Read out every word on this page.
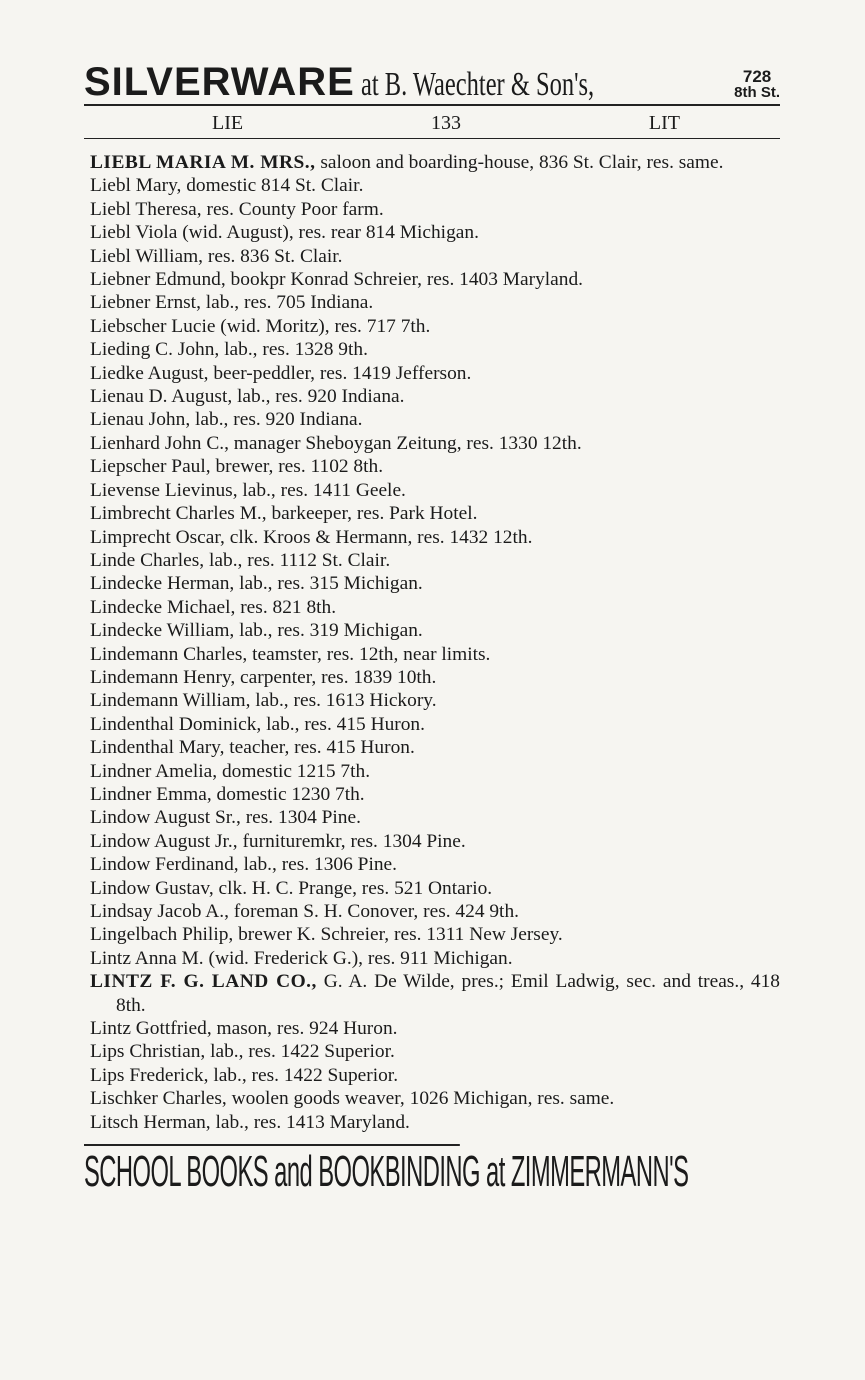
SILVERWARE at B. Waechter & Son's,	728
8th St.
LIE	133	LIT
LIEBL MARIA M. MRS., saloon and boarding-house, 836 St. Clair, res. same.
Liebl Mary, domestic 814 St. Clair.
Liebl Theresa, res. County Poor farm.
Liebl Viola (wid. August), res. rear 814 Michigan.
Liebl William, res. 836 St. Clair.
Liebner Edmund, bookpr Konrad Schreier, res. 1403 Maryland.
Liebner Ernst, lab., res. 705 Indiana.
Liebscher Lucie (wid. Moritz), res. 717 7th.
Lieding C. John, lab., res. 1328 9th.
Liedke August, beer-peddler, res. 1419 Jefferson.
Lienau D. August, lab., res. 920 Indiana.
Lienau John, lab., res. 920 Indiana.
Lienhard John C., manager Sheboygan Zeitung, res. 1330 12th.
Liepscher Paul, brewer, res. 1102 8th.
Lievense Lievinus, lab., res. 1411 Geele.
Limbrecht Charles M., barkeeper, res. Park Hotel.
Limprecht Oscar, clk. Kroos & Hermann, res. 1432 12th.
Linde Charles, lab., res. 1112 St. Clair.
Lindecke Herman, lab., res. 315 Michigan.
Lindecke Michael, res. 821 8th.
Lindecke William, lab., res. 319 Michigan.
Lindemann Charles, teamster, res. 12th, near limits.
Lindemann Henry, carpenter, res. 1839 10th.
Lindemann William, lab., res. 1613 Hickory.
Lindenthal Dominick, lab., res. 415 Huron.
Lindenthal Mary, teacher, res. 415 Huron.
Lindner Amelia, domestic 1215 7th.
Lindner Emma, domestic 1230 7th.
Lindow August Sr., res. 1304 Pine.
Lindow August Jr., furnituremkr, res. 1304 Pine.
Lindow Ferdinand, lab., res. 1306 Pine.
Lindow Gustav, clk. H. C. Prange, res. 521 Ontario.
Lindsay Jacob A., foreman S. H. Conover, res. 424 9th.
Lingelbach Philip, brewer K. Schreier, res. 1311 New Jersey.
Lintz Anna M. (wid. Frederick G.), res. 911 Michigan.
LINTZ F. G. LAND CO., G. A. De Wilde, pres.; Emil Ladwig, sec. and treas., 418 8th.
Lintz Gottfried, mason, res. 924 Huron.
Lips Christian, lab., res. 1422 Superior.
Lips Frederick, lab., res. 1422 Superior.
Lischker Charles, woolen goods weaver, 1026 Michigan, res. same.
Litsch Herman, lab., res. 1413 Maryland.
SCHOOL BOOKS and BOOKBINDING at ZIMMERMANN'S
